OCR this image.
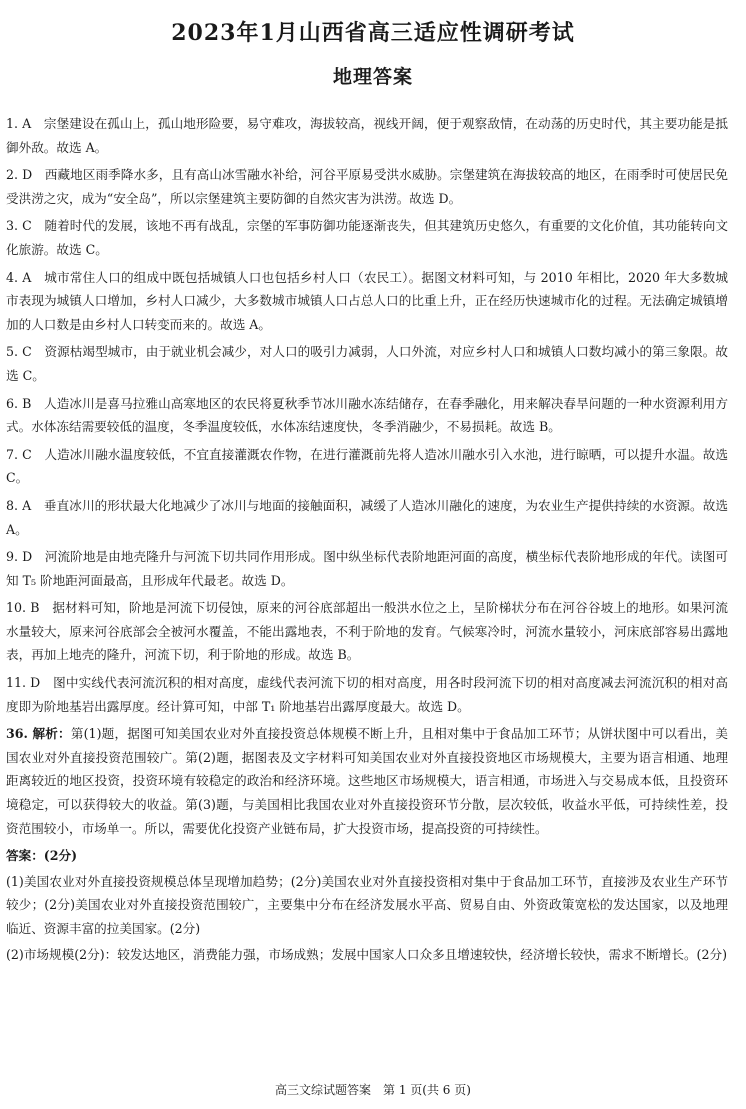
2023年1月山西省高三适应性调研考试
地理答案

1. A　宗堡建设在孤山上，孤山地形险要，易守难攻，海拔较高，视线开阔，便于观察敌情，在动荡的历史时代，其主要功能是抵御外敌。故选 A。

2. D　西藏地区雨季降水多，且有高山冰雪融水补给，河谷平原易受洪水威胁。宗堡建筑在海拔较高的地区，在雨季时可使居民免受洪涝之灾，成为“安全岛”，所以宗堡建筑主要防御的自然灾害为洪涝。故选 D。

3. C　随着时代的发展，该地不再有战乱，宗堡的军事防御功能逐渐丧失，但其建筑历史悠久，有重要的文化价值，其功能转向文化旅游。故选 C。

4. A　城市常住人口的组成中既包括城镇人口也包括乡村人口（农民工）。据图文材料可知，与 2010 年相比，2020 年大多数城市表现为城镇人口增加，乡村人口减少，大多数城市城镇人口占总人口的比重上升，正在经历快速城市化的过程。无法确定城镇增加的人口数是由乡村人口转变而来的。故选 A。

5. C　资源枯竭型城市，由于就业机会减少，对人口的吸引力减弱，人口外流，对应乡村人口和城镇人口数均减小的第三象限。故选 C。

6. B　人造冰川是喜马拉雅山高寒地区的农民将夏秋季节冰川融水冻结储存，在春季融化，用来解决春旱问题的一种水资源利用方式。水体冻结需要较低的温度，冬季温度较低，水体冻结速度快，冬季消融少，不易损耗。故选 B。

7. C　人造冰川融水温度较低，不宜直接灌溉农作物，在进行灌溉前先将人造冰川融水引入水池，进行晾晒，可以提升水温。故选 C。

8. A　垂直冰川的形状最大化地减少了冰川与地面的接触面积，减缓了人造冰川融化的速度，为农业生产提供持续的水资源。故选 A。

9. D　河流阶地是由地壳隆升与河流下切共同作用形成。图中纵坐标代表阶地距河面的高度，横坐标代表阶地形成的年代。读图可知 T₅ 阶地距河面最高，且形成年代最老。故选 D。

10. B　据材料可知，阶地是河流下切侵蚀，原来的河谷底部超出一般洪水位之上，呈阶梯状分布在河谷谷坡上的地形。如果河流水量较大，原来河谷底部会全被河水覆盖，不能出露地表，不利于阶地的发育。气候寒冷时，河流水量较小，河床底部容易出露地表，再加上地壳的隆升，河流下切，利于阶地的形成。故选 B。

11. D　图中实线代表河流沉积的相对高度，虚线代表河流下切的相对高度，用各时段河流下切的相对高度减去河流沉积的相对高度即为阶地基岩出露厚度。经计算可知，中部 T₁ 阶地基岩出露厚度最大。故选 D。

36. 解析：第(1)题，据图可知美国农业对外直接投资总体规模不断上升，且相对集中于食品加工环节；从饼状图中可以看出，美国农业对外直接投资范围较广。第(2)题，据图表及文字材料可知美国农业对外直接投资地区市场规模大，主要为语言相通、地理距离较近的地区投资，投资环境有较稳定的政治和经济环境。这些地区市场规模大，语言相通，市场进入与交易成本低，且投资环境稳定，可以获得较大的收益。第(3)题，与美国相比我国农业对外直接投资环节分散，层次较低，收益水平低，可持续性差，投资范围较小，市场单一。所以，需要优化投资产业链布局，扩大投资市场，提高投资的可持续性。

答案：(2分)

(1)美国农业对外直接投资规模总体呈现增加趋势；(2分)美国农业对外直接投资相对集中于食品加工环节，直接涉及农业生产环节较少；(2分)美国农业对外直接投资范围较广，主要集中分布在经济发展水平高、贸易自由、外资政策宽松的发达国家，以及地理临近、资源丰富的拉美国家。(2分)

(2)市场规模(2分)：较发达地区，消费能力强，市场成熟；发展中国家人口众多且增速较快，经济增长较快，需求不断增长。(2分)

高三文综试题答案　第 1 页(共 6 页)
